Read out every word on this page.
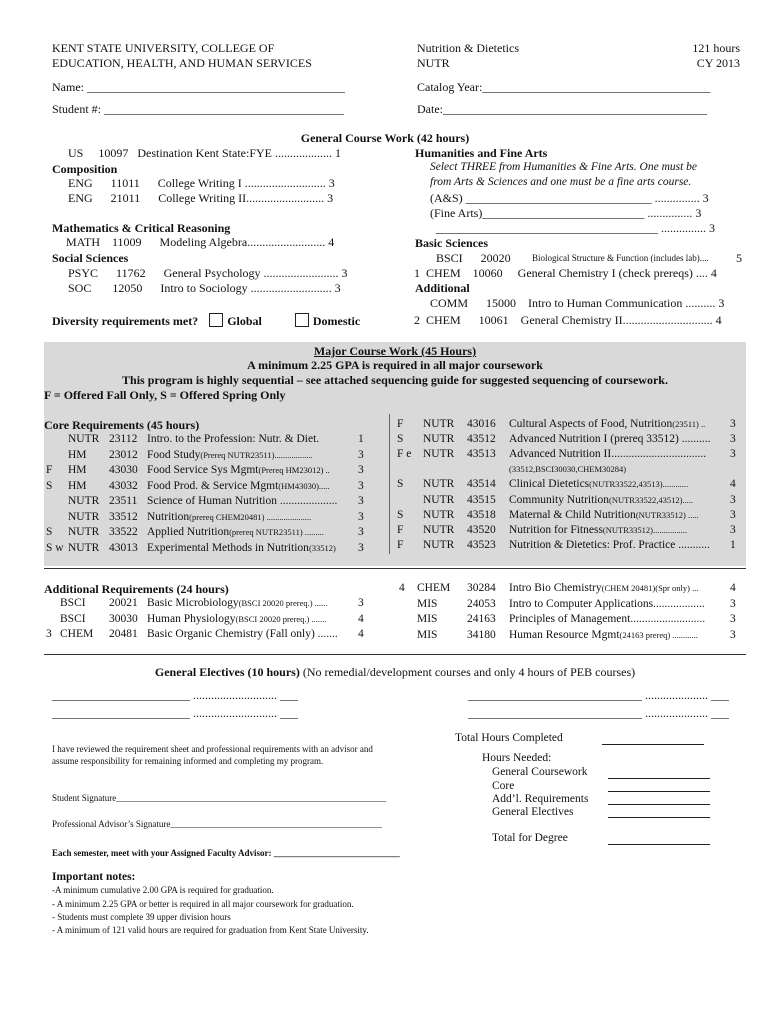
KENT STATE UNIVERSITY, COLLEGE OF
EDUCATION, HEALTH, AND HUMAN SERVICES
Nutrition & Dietetics
NUTR
121 hours
CY 2013
Name: ___________________________________________
Student #: ________________________________________
Catalog Year:______________________________________
Date:____________________________________________
General Course Work (42 hours)
US     10097   Destination Kent State:FYE ................... 1
Composition
ENG      11011      College Writing I ........................... 3
ENG      21011      College Writing II.......................... 3
Mathematics & Critical Reasoning
MATH    11009      Modeling Algebra.......................... 4
Social Sciences
PSYC      11762      General Psychology ......................... 3
SOC       12050      Intro to Sociology ........................... 3
Diversity requirements met? Global	Domestic
Humanities and Fine Arts
Select THREE from Humanities & Fine Arts. One must be
from Arts & Sciences and one must be a fine arts course.
(A&S) _______________________________ ............... 3
(Fine Arts)___________________________ ............... 3
_____________________________________ ............... 3
Basic Sciences
BSCI      20020 Biological Structure & Function (includes lab).... 5
1  CHEM    10060     General Chemistry I (check prereqs) .... 4
Additional
COMM      15000    Intro to Human Communication .......... 3
2  CHEM      10061    General Chemistry II.............................. 4
Major Course Work (45 Hours)
A minimum 2.25 GPA is required in all major coursework
This program is highly sequential – see attached sequencing guide for suggested sequencing of coursework.
F = Offered Fall Only, S = Offered Spring Only
Core Requirements (45 hours)
NUTR 23112 Intro. to the Profession: Nutr. & Diet.	1
HM 23012 Food Study(Prereq NUTR23511)..................	3
F HM 43030 Food Service Sys Mgmt(Prereq HM23012) .. 3
S HM 43032 Food Prod. & Service Mgmt(HM43030)..... 3
NUTR 23511 Science of Human Nutrition .................... 3
NUTR 33512 Nutrition(prereq CHEM20481) .....................	3
S NUTR 33522 Applied Nutrition(prereq NUTR23511) .........	3
S w NUTR 43013 Experimental Methods in Nutrition(33512) 3
F NUTR 43016 Cultural Aspects of Food, Nutrition(23511) .. 3
S NUTR 43512 Advanced Nutrition I (prereq 33512) .......... 3
F e NUTR 43513 Advanced Nutrition II................................. 3
(33512,BSCI30030,CHEM30284)
S NUTR 43514 Clinical Dietetics(NUTR33522,43513)............	4
NUTR 43515 Community Nutrition(NUTR33522,43512).....	3
S NUTR 43518 Maternal & Child Nutrition(NUTR33512) .....	3
F NUTR 43520 Nutrition for Fitness(NUTR33512)................	3
F NUTR 43523 Nutrition & Dietetics: Prof. Practice ........... 1
Additional Requirements (24 hours)
BSCI 20021 Basic Microbiology(BSCI 20020 prereq.) ......	3
BSCI 30030 Human Physiology(BSCI 20020 prereq.) .......	4
3 CHEM 20481 Basic Organic Chemistry (Fall only) ....... 4
4 CHEM 30284 Intro Bio Chemistry(CHEM 20481)(Spr only) ...	4
MIS	24053 Intro to Computer Applications.................. 3
MIS	24163 Principles of Management.......................... 3
MIS	34180 Human Resource Mgmt(24163 prereq) ............	3
General Electives (10 hours) (No remedial/development courses and only 4 hours of PEB courses)
_______________________ ............................ ___
_______________________ ............................ ___
_____________________________ ..................... ___
_____________________________ ..................... ___
I have reviewed the requirement sheet and professional requirements with an advisor and
assume responsibility for remaining informed and completing my program.
Student Signature____________________________________________________________
Professional Advisor’s Signature_______________________________________________
Each semester, meet with your Assigned Faculty Advisor: ____________________________
Total Hours Completed
Hours Needed:
General Coursework
Core
Add’l. Requirements
General Electives
Total for Degree
Important notes:
-A minimum cumulative 2.00 GPA is required for graduation.
- A minimum 2.25 GPA or better is required in all major coursework for graduation.
- Students must complete 39 upper division hours
- A minimum of 121 valid hours are required for graduation from Kent State University.
